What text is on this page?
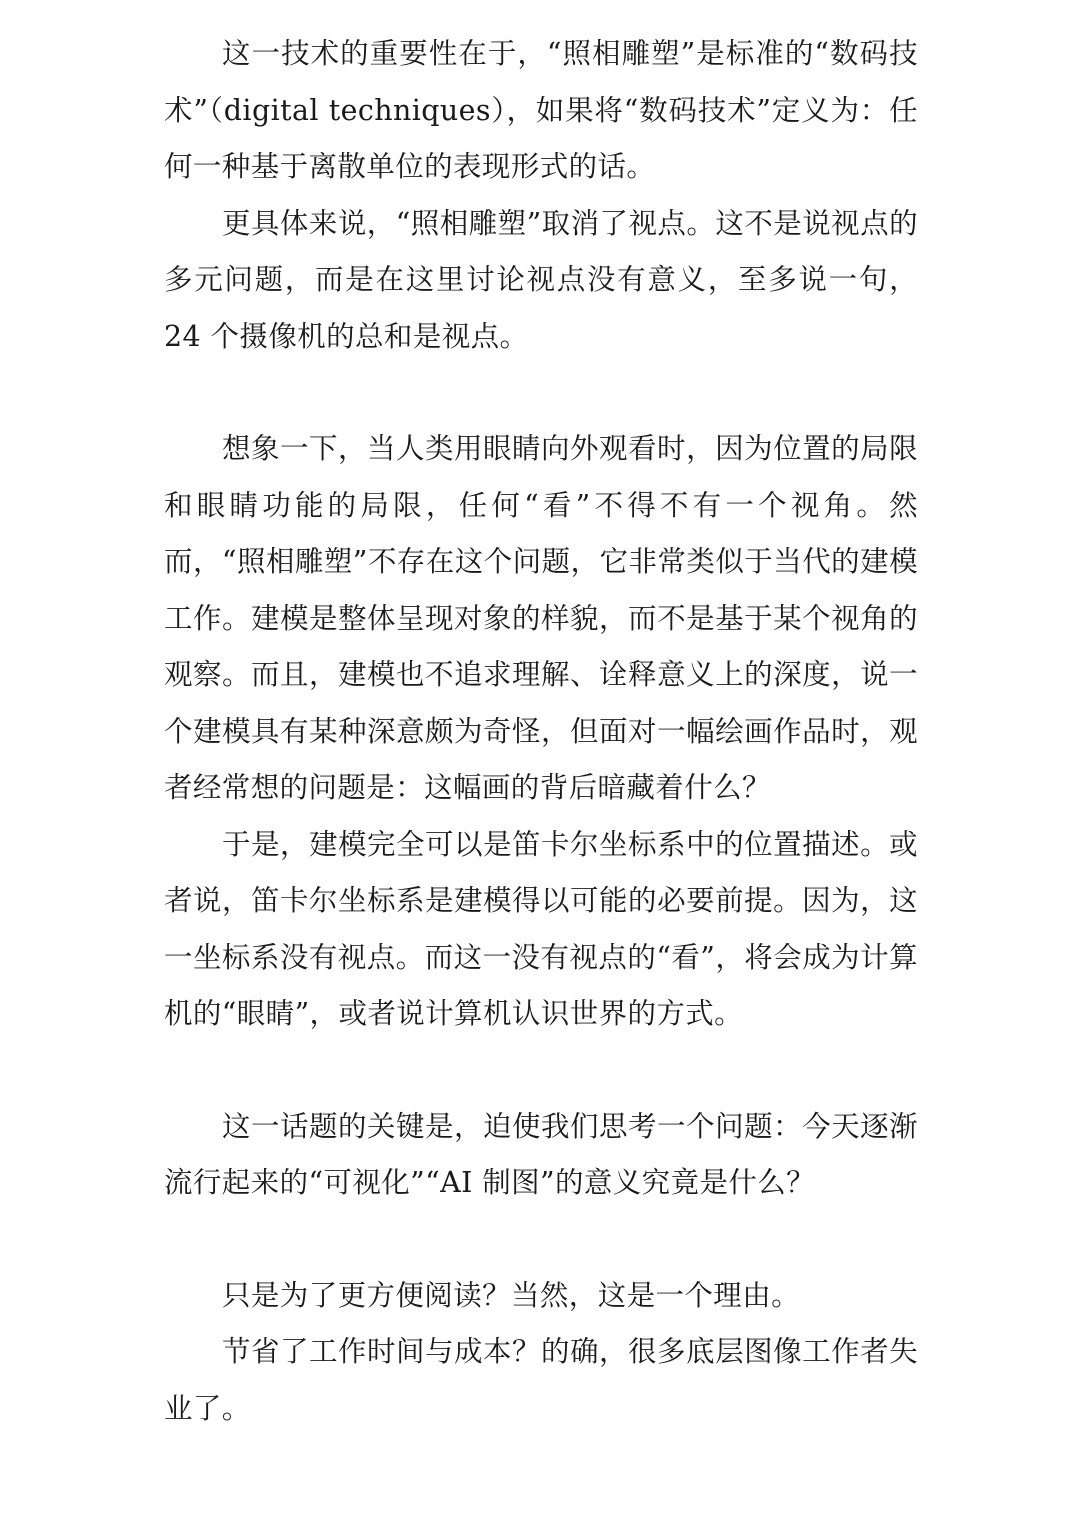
这一技术的重要性在于，“照相雕塑”是标准的“数码技术”（digital techniques），如果将“数码技术”定义为：任何一种基于离散单位的表现形式的话。

更具体来说，“照相雕塑”取消了视点。这不是说视点的多元问题，而是在这里讨论视点没有意义，至多说一句，24 个摄像机的总和是视点。

想象一下，当人类用眼睛向外观看时，因为位置的局限和眼睛功能的局限，任何“看”不得不有一个视角。然而，“照相雕塑”不存在这个问题，它非常类似于当代的建模工作。建模是整体呈现对象的样貌，而不是基于某个视角的观察。而且，建模也不追求理解、诠释意义上的深度，说一个建模具有某种深意颇为奇怪，但面对一幅绘画作品时，观者经常想的问题是：这幅画的背后暗藏着什么？

于是，建模完全可以是笛卡尔坐标系中的位置描述。或者说，笛卡尔坐标系是建模得以可能的必要前提。因为，这一坐标系没有视点。而这一没有视点的“看”，将会成为计算机的“眼睛”，或者说计算机认识世界的方式。

这一话题的关键是，迫使我们思考一个问题：今天逐渐流行起来的“可视化”“AI 制图”的意义究竟是什么？

只是为了更方便阅读？当然，这是一个理由。

节省了工作时间与成本？的确，很多底层图像工作者失业了。
